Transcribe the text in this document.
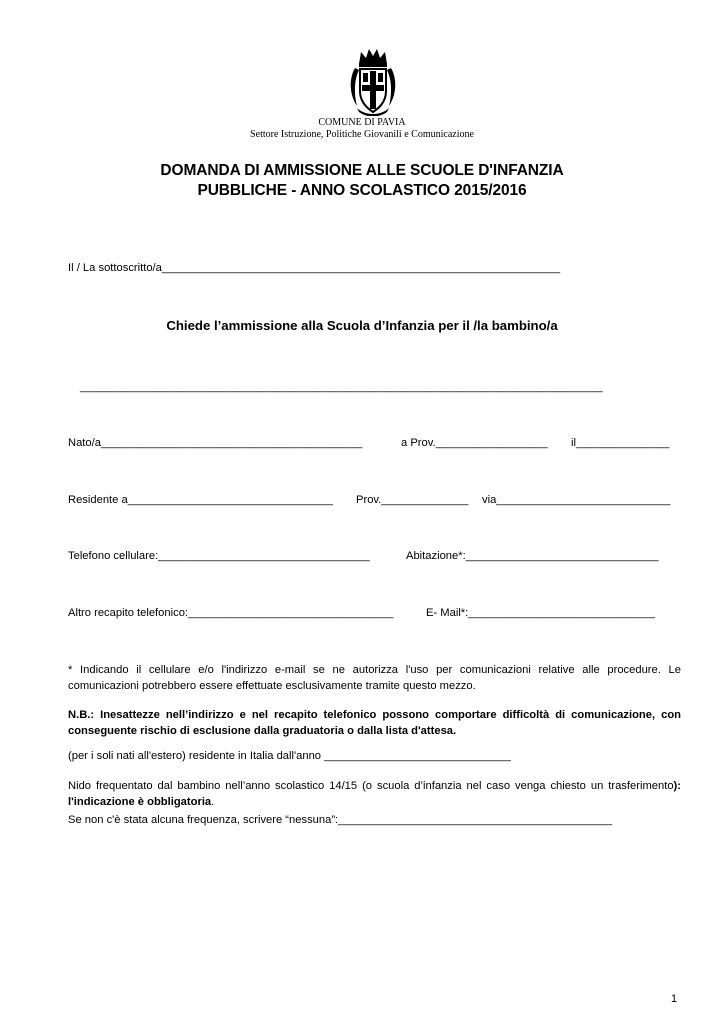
COMUNE DI PAVIA
Settore Istruzione, Politiche Giovanili e Comunicazione
DOMANDA DI AMMISSIONE ALLE SCUOLE D'INFANZIA
PUBBLICHE - ANNO SCOLASTICO 2015/2016
Il / La sottoscritto/a________________________________________________________________
Chiede l’ammissione alla Scuola d’Infanzia per il /la bambino/a
____________________________________________________________________________________
Nato/a__________________________________________	a Prov.__________________ il_______________
Residente a_________________________________ Prov.______________ via____________________________
Telefono cellulare:__________________________________	Abitazione*:_______________________________
Altro recapito telefonico:_________________________________	E- Mail*:______________________________
* Indicando il cellulare e/o l'indirizzo e-mail se ne autorizza l'uso per comunicazioni relative alle procedure. Le comunicazioni potrebbero essere effettuate esclusivamente tramite questo mezzo.
N.B.: Inesattezze nell’indirizzo e nel recapito telefonico possono comportare difficoltà di comunicazione, con conseguente rischio di esclusione dalla graduatoria o dalla lista d'attesa.
(per i soli nati all'estero) residente in Italia dall'anno ______________________________
Nido frequentato dal bambino nell’anno scolastico 14/15 (o scuola d’infanzia nel caso venga chiesto un trasferimento): l'indicazione è obbligatoria.
Se non c'è stata alcuna frequenza, scrivere “nessuna”:____________________________________________
1
